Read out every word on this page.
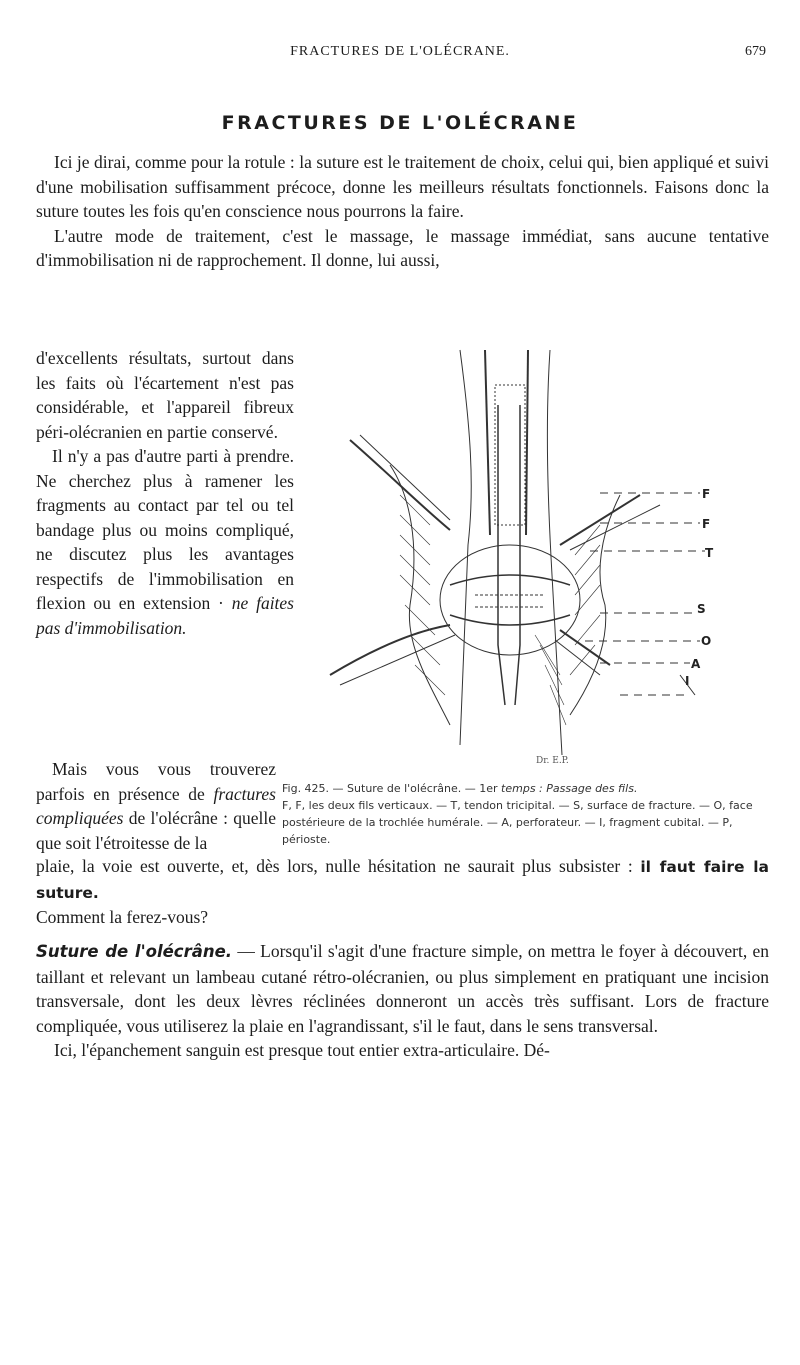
FRACTURES DE L'OLÉCRANE.	679
FRACTURES DE L'OLÉCRANE

Ici je dirai, comme pour la rotule : la suture est le traitement de choix, celui qui, bien appliqué et suivi d'une mobilisation suffisamment précoce, donne les meilleurs résultats fonctionnels. Faisons donc la suture toutes les fois qu'en conscience nous pourrons la faire.

L'autre mode de traitement, c'est le massage, le massage immédiat, sans aucune tentative d'immobilisation ni de rapprochement. Il donne, lui aussi,

d'excellents résultats, surtout dans les faits où l'écartement n'est pas considérable, et l'appareil fibreux péri-olécranien en partie conservé.

Il n'y a pas d'autre parti à prendre. Ne cherchez plus à ramener les fragments au contact par tel ou tel bandage plus ou moins compliqué, ne discutez plus les avantages respectifs de l'immobilisation en flexion ou en extension · ne faites pas d'immobilisation.

Mais vous vous trouverez parfois en présence de fractures compliquées de l'olécrâne : quelle que soit l'étroitesse de la

F
F
T
S
O
A
I
Dr. E.P.
Fig. 425. — Suture de l'olécrâne. — 1er temps : Passage des fils.
F, F, les deux fils verticaux. — T, tendon tricipital. — S, surface de fracture. — O, face postérieure de la trochlée humérale. — A, perforateur. — I, fragment cubital. — P, périoste.

plaie, la voie est ouverte, et, dès lors, nulle hésitation ne saurait plus subsister : il faut faire la suture.
Comment la ferez-vous?

Suture de l'olécrâne. — Lorsqu'il s'agit d'une fracture simple, on mettra le foyer à découvert, en taillant et relevant un lambeau cutané rétro-olécranien, ou plus simplement en pratiquant une incision transversale, dont les deux lèvres réclinées donneront un accès très suffisant. Lors de fracture compliquée, vous utiliserez la plaie en l'agrandissant, s'il le faut, dans le sens transversal.

Ici, l'épanchement sanguin est presque tout entier extra-articulaire. Dé-
